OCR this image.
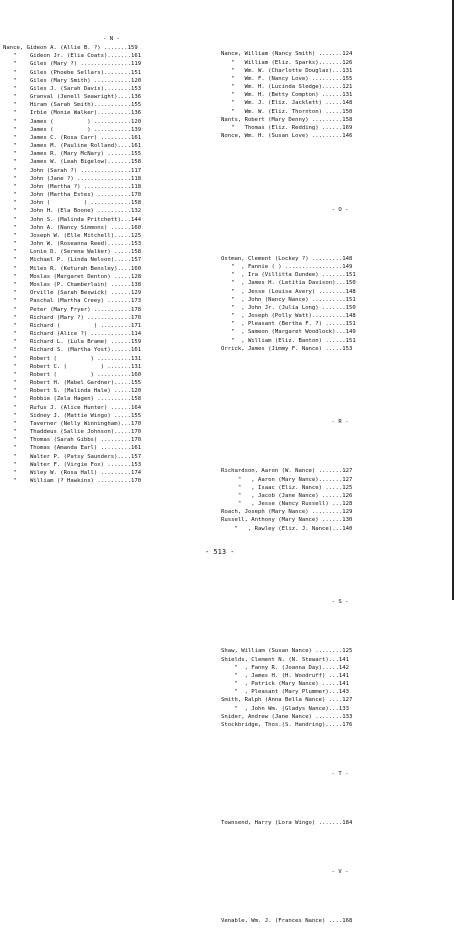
- N -
Nance, Gideon A. (Allie B. ?) .......159
"    Gideon Jr. (Elia Coats).......161
"    Giles (Mary ?) ...............119
"    Giles (Phoebe Sellars)........151
"    Giles (Mary Smith) ...........120
"    Giles J. (Sarah Davis)........153
"    Granval (Jenell Seawright)....136
"    Hiram (Sarah Smith)...........155
"    Irbie (Monie Walker)..........136
"    James (          ) ...........120
"    James (          ) ...........139
"    James C. (Rosa Carr) .........161
"    James M. (Pauline Rolland)....161
"    James R. (Mary McNary) .......155
"    James W. (Leah Bigelow).......158
"    John (Sarah ?) ...............117
"    John (Jane ?) ................118
"    John (Martha ?) ..............118
"    John (Martha Estes) ..........170
"    John (          ) ............158
"    John H. (Ela Boone) ..........132
"    John S. (Malinda Pritchett)...144
"    John A. (Nancy Simmons) ......160
"    Joseph W. (Elle Mitchell).....125
"    John W. (Roseanna Reed).......153
"    Lonie D. (Serena Walker) .....158
"    Michael P. (Linda Nelson).....157
"    Miles R. (Keturah Bensley)....160
"    Moslas (Margaret Denton) .....128
"    Moslas (P. Chamberlain) ......138
"    Orville (Sarah Beswick) ......129
"    Paschal (Martha Creey) .......173
"    Peter (Mary Fryer) ...........178
"    Richard (Mary ?) .............170
"    Richard (          ) .........171
"    Richard (Alice ?) ............114
"    Richard L. (Lula Brame) ......159
"    Richard S. (Martha Yost)......161
"    Robert (          ) ..........131
"    Robert C. (          ) .......131
"    Robert (          ) ..........160
"    Robert H. (Mabel Gardner).....155
"    Robert S. (Malinda Hale) .....120
"    Robbie (Zela Hagen) ..........158
"    Rufus J. (Alice Hunter) ......164
"    Sidney J. (Mattie Wingo) .....155
"    Taverner (Nelly Winningham)...170
"    Thaddeus (Sallie Johnson).....170
"    Thomas (Sarah Gibbs) .........170
"    Thomas (Amanda Earl) .........161
"    Walter P. (Patsy Saunders)....157
"    Walter F. (Virgie Fox) .......153
"    Wiley W. (Rosa Hall) .........174
"    William (? Hawkins) ..........170

Nance, William (Nancy Smith) .......124
"   William (Eliz. Sparks).......126
"   Wm. W. (Charlotte Douglas)...131
"   Wm. F. (Nancy Love) .........155
"   Wm. H. (Lucinda Sledge)......121
"   Wm. H. (Betty Compton) ......131
"   Wm. J. (Eliz. Jacklett) .....148
"   Wm. W. (Eliz. Thornton) .....150
Nants, Robert (Mary Denny) .........158
"   Thomas (Eliz. Redding) ......169
Nonce, Wm. H. (Susan Love) .........146

- O -

Ostman, Clement (Lockey ?) .........148
"  , Fannie ( ) .................149
"  , Ira (Villitta Dundee) .......151
"  , James H. (Letitia Davison)...150
"  , Jesse (Louisa Avery) ........148
"  , John (Nancy Nance) ..........151
"  , John Jr. (Julia Long) .......150
"  , Joseph (Polly Watt)..........148
"  , Pleasant (Bertha F. ?) ......151
"  , Sameon (Margaret Woodlock)...149
"  , William (Eliz. Banton) ......151
Orrick, James (Jimmy F. Nance) .....153

- R -

Richardson, Aaron (W. Nance) .......127
"   , Aaron (Mary Nance).......127
"   , Isaac (Eliz. Nance) .....125
"   , Jacob (Jane Nance) ......126
"   , Jesse (Nancy Russell) ...128
Roach, Joseph (Mary Nance) .........129
Russell, Anthony (Mary Nance) ......130
"   , Rawley (Eliz. J. Nance)...140

- S -

Shaw, William (Susan Nance) ........125
Shields, Clement N. (N. Stewart)...141
"  , Fanny R. (Joanna Day).....142
"  , James H. (H. Woodruff) ...141
"  , Patrick (Mary Nance) .....141
"  , Pleasant (Mary Plummer)...143
Smith, Ralph (Anna Bella Nance) ....127
"  , John Wm. (Gladys Nance)...133
Snider, Andrew (Jane Nance) ........133
Stockbridge, Thos.(S. Handring).....176

- T -

Townsend, Harry (Lora Wingo) .......184

- V -

Venable, Wm. J. (Frances Nance) ....168

- 513 -
